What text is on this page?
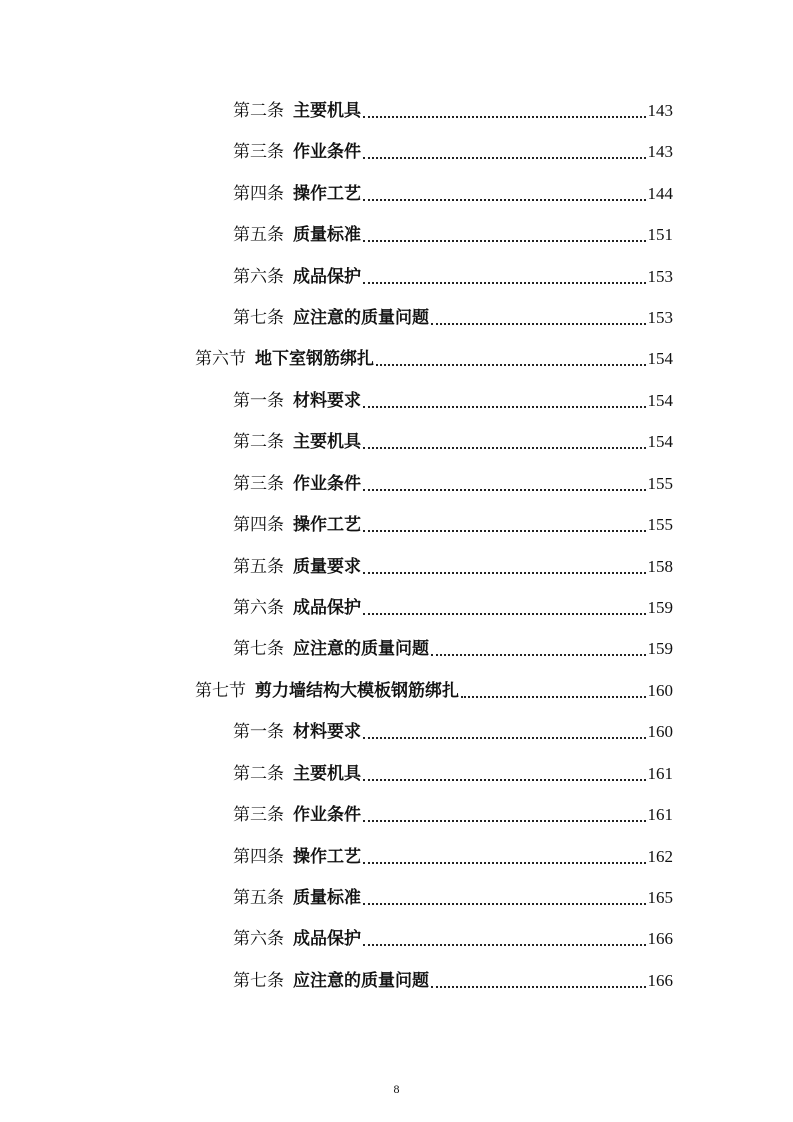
第二条 主要机具	143
第三条 作业条件	143
第四条 操作工艺	144
第五条 质量标准	151
第六条 成品保护	153
第七条 应注意的质量问题	153
第六节 地下室钢筋绑扎	154
第一条 材料要求	154
第二条 主要机具	154
第三条 作业条件	155
第四条 操作工艺	155
第五条 质量要求	158
第六条 成品保护	159
第七条 应注意的质量问题	159
第七节 剪力墙结构大模板钢筋绑扎	160
第一条 材料要求	160
第二条 主要机具	161
第三条 作业条件	161
第四条 操作工艺	162
第五条 质量标准	165
第六条 成品保护	166
第七条 应注意的质量问题	166
8
